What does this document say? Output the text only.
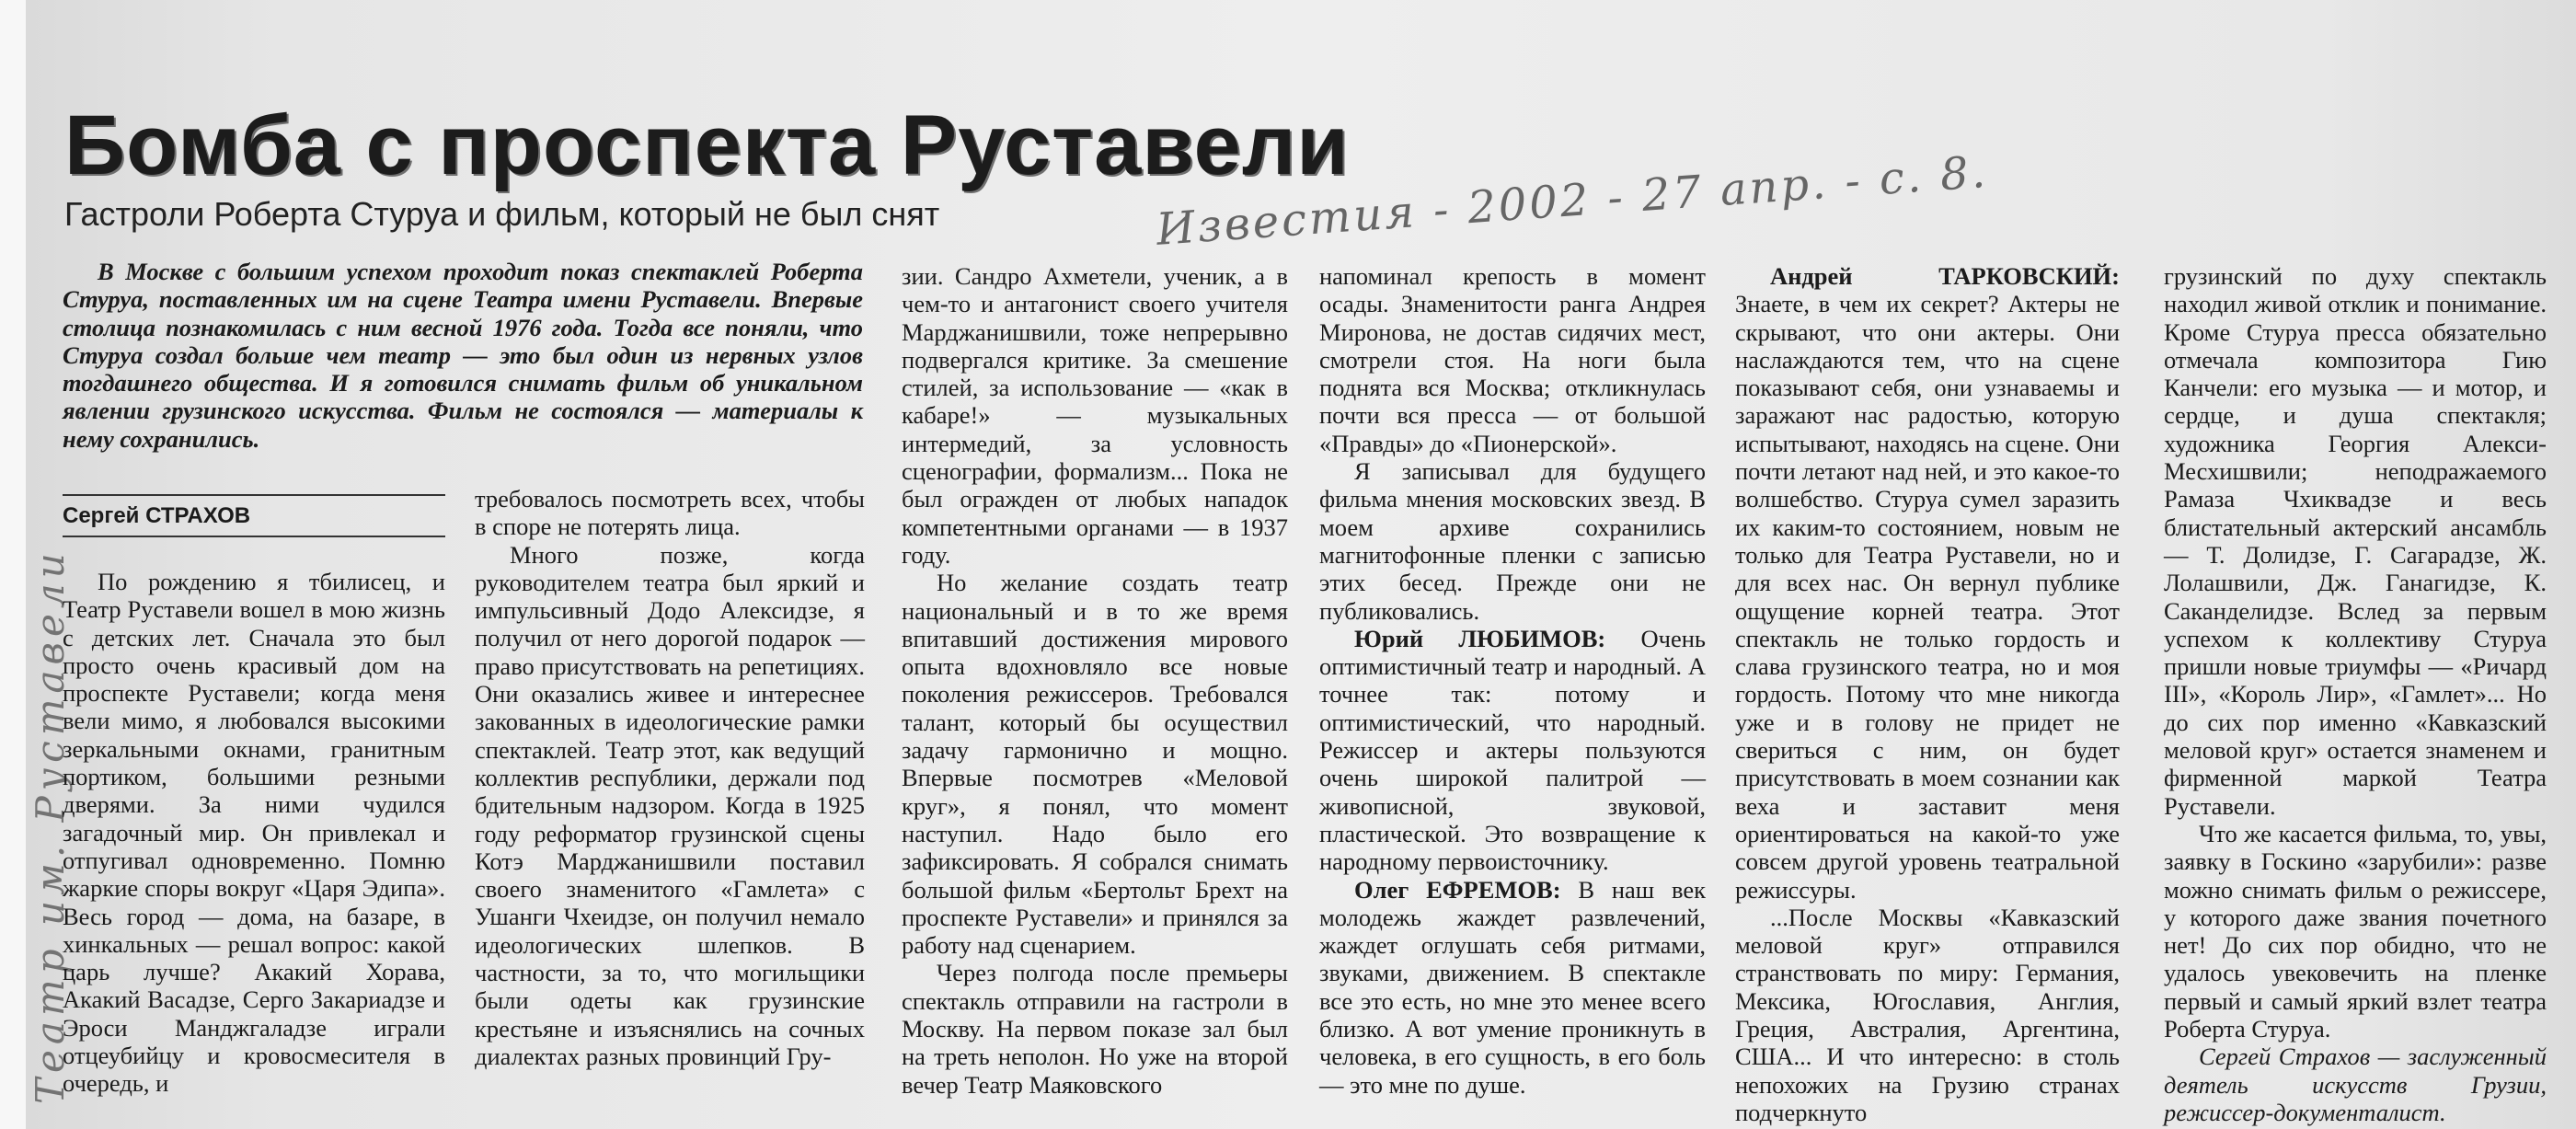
Театр им. Руставели
Бомба с проспекта Руставели
Гастроли Роберта Стуруа и фильм, который не был снят	Известия - 2002 - 27 апр. - с. 8.

В Москве с большим успехом проходит показ спектаклей Роберта Стуруа, поставленных им на сцене Театра имени Руставели. Впервые столица познакомилась с ним весной 1976 года. Тогда все поняли, что Стуруа создал больше чем театр — это был один из нервных узлов тогдашнего общества. И я готовился снимать фильм об уникальном явлении грузинского искусства. Фильм не состоялся — материалы к нему сохранились.

Сергей СТРАХОВ

По рождению я тбилисец, и Театр Руставели вошел в мою жизнь с детских лет. Сначала это был просто очень красивый дом на проспекте Руставели; когда меня вели мимо, я любовался высокими зеркальными окнами, гранитным портиком, большими резными дверями. За ними чудился загадочный мир. Он привлекал и отпугивал одновременно. Помню жаркие споры вокруг «Царя Эдипа». Весь город — дома, на базаре, в хинкальных — решал вопрос: какой царь лучше? Акакий Хорава, Акакий Васадзе, Серго Закариадзе и Эроси Манджгаладзе играли отцеубийцу и кровосмесителя в очередь, и

требовалось посмотреть всех, чтобы в споре не потерять лица.

Много позже, когда руководителем театра был яркий и импульсивный Додо Алексидзе, я получил от него дорогой подарок — право присутствовать на репетициях. Они оказались живее и интереснее закованных в идеологические рамки спектаклей. Театр этот, как ведущий коллектив республики, держали под бдительным надзором. Когда в 1925 году реформатор грузинской сцены Котэ Марджанишвили поставил своего знаменитого «Гамлета» с Ушанги Чхеидзе, он получил немало идеологических шлепков. В частности, за то, что могильщики были одеты как грузинские крестьяне и изъяснялись на сочных диалектах разных провинций Гру-

зии. Сандро Ахметели, ученик, а в чем-то и антагонист своего учителя Марджанишвили, тоже непрерывно подвергался критике. За смешение стилей, за использование — «как в кабаре!» — музыкальных интермедий, за условность сценографии, формализм... Пока не был огражден от любых нападок компетентными органами — в 1937 году.

Но желание создать театр национальный и в то же время впитавший достижения мирового опыта вдохновляло все новые поколения режиссеров. Требовался талант, который бы осуществил задачу гармонично и мощно. Впервые посмотрев «Меловой круг», я понял, что момент наступил. Надо было его зафиксировать. Я собрался снимать большой фильм «Бертольт Брехт на проспекте Руставели» и принялся за работу над сценарием.

Через полгода после премьеры спектакль отправили на гастроли в Москву. На первом показе зал был на треть неполон. Но уже на второй вечер Театр Маяковского

напоминал крепость в момент осады. Знаменитости ранга Андрея Миронова, не достав сидячих мест, смотрели стоя. На ноги была поднята вся Москва; откликнулась почти вся пресса — от большой «Правды» до «Пионерской».

Я записывал для будущего фильма мнения московских звезд. В моем архиве сохранились магнитофонные пленки с записью этих бесед. Прежде они не публиковались.

Юрий ЛЮБИМОВ: Очень оптимистичный театр и народный. А точнее так: потому и оптимистический, что народный. Режиссер и актеры пользуются очень широкой палитрой — живописной, звуковой, пластической. Это возвращение к народному первоисточнику.

Олег ЕФРЕМОВ: В наш век молодежь жаждет развлечений, жаждет оглушать себя ритмами, звуками, движением. В спектакле все это есть, но мне это менее всего близко. А вот умение проникнуть в человека, в его сущность, в его боль — это мне по душе.

Андрей ТАРКОВСКИЙ: Знаете, в чем их секрет? Актеры не скрывают, что они актеры. Они наслаждаются тем, что на сцене показывают себя, они узнаваемы и заражают нас радостью, которую испытывают, находясь на сцене. Они почти летают над ней, и это какое-то волшебство. Стуруа сумел заразить их каким-то состоянием, новым не только для Театра Руставели, но и для всех нас. Он вернул публике ощущение корней театра. Этот спектакль не только гордость и слава грузинского театра, но и моя гордость. Потому что мне никогда уже и в голову не придет не свериться с ним, он будет присутствовать в моем сознании как веха и заставит меня ориентироваться на какой-то уже совсем другой уровень театральной режиссуры.

...После Москвы «Кавказский меловой круг» отправился странствовать по миру: Германия, Мексика, Югославия, Англия, Греция, Австралия, Аргентина, США... И что интересно: в столь непохожих на Грузию странах подчеркнуто

грузинский по духу спектакль находил живой отклик и понимание. Кроме Стуруа пресса обязательно отмечала композитора Гию Канчели: его музыка — и мотор, и сердце, и душа спектакля; художника Георгия Алекси-Месхишвили; неподражаемого Рамаза Чхиквадзе и весь блистательный актерский ансамбль — Т. Долидзе, Г. Сагарадзе, Ж. Лолашвили, Дж. Ганагидзе, К. Саканделидзе. Вслед за первым успехом к коллективу Стуруа пришли новые триумфы — «Ричард III», «Король Лир», «Гамлет»... Но до сих пор именно «Кавказский меловой круг» остается знаменем и фирменной маркой Театра Руставели.

Что же касается фильма, то, увы, заявку в Госкино «зарубили»: разве можно снимать фильм о режиссере, у которого даже звания почетного нет! До сих пор обидно, что не удалось увековечить на пленке первый и самый яркий взлет театра Роберта Стуруа.

Сергей Страхов — заслуженный деятель искусств Грузии, режиссер-документалист.
